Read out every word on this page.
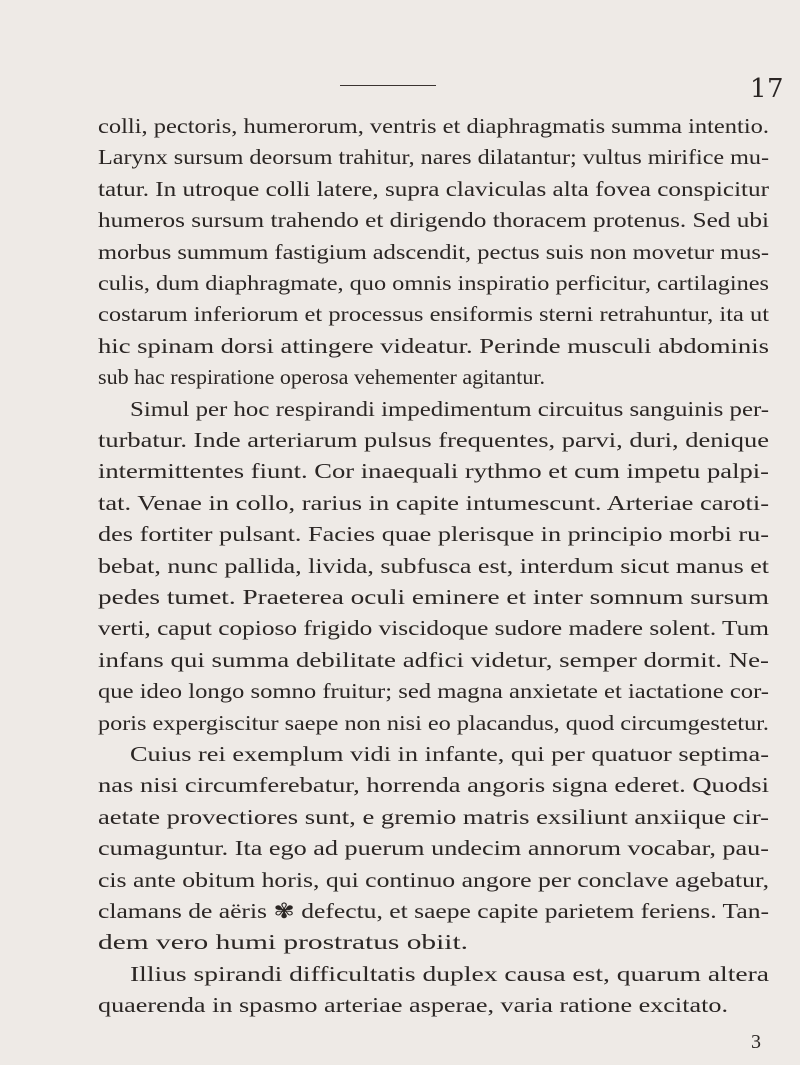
17
colli, pectoris, humerorum, ventris et diaphragmatis summa intentio.
Larynx sursum deorsum trahitur, nares dilatantur; vultus mirifice mu-
tatur. In utroque colli latere, supra claviculas alta fovea conspicitur
humeros sursum trahendo et dirigendo thoracem protenus. Sed ubi
morbus summum fastigium adscendit, pectus suis non movetur mus-
culis, dum diaphragmate, quo omnis inspiratio perficitur, cartilagines
costarum inferiorum et processus ensiformis sterni retrahuntur, ita ut
hic spinam dorsi attingere videatur. Perinde musculi abdominis
sub hac respiratione operosa vehementer agitantur.
Simul per hoc respirandi impedimentum circuitus sanguinis per-
turbatur. Inde arteriarum pulsus frequentes, parvi, duri, denique
intermittentes fiunt. Cor inaequali rythmo et cum impetu palpi-
tat. Venae in collo, rarius in capite intumescunt. Arteriae caroti-
des fortiter pulsant. Facies quae plerisque in principio morbi ru-
bebat, nunc pallida, livida, subfusca est, interdum sicut manus et
pedes tumet. Praeterea oculi eminere et inter somnum sursum
verti, caput copioso frigido viscidoque sudore madere solent. Tum
infans qui summa debilitate adfici videtur, semper dormit. Ne-
que ideo longo somno fruitur; sed magna anxietate et iactatione cor-
poris expergiscitur saepe non nisi eo placandus, quod circumgestetur.
Cuius rei exemplum vidi in infante, qui per quatuor septima-
nas nisi circumferebatur, horrenda angoris signa ederet. Quodsi
aetate provectiores sunt, e gremio matris exsiliunt anxiique cir-
cumaguntur. Ita ego ad puerum undecim annorum vocabar, pau-
cis ante obitum horis, qui continuo angore per conclave agebatur,
clamans de aëris ✾ defectu, et saepe capite parietem feriens. Tan-
dem vero humi prostratus obiit.
Illius spirandi difficultatis duplex causa est, quarum altera
quaerenda in spasmo arteriae asperae, varia ratione excitato.
3
